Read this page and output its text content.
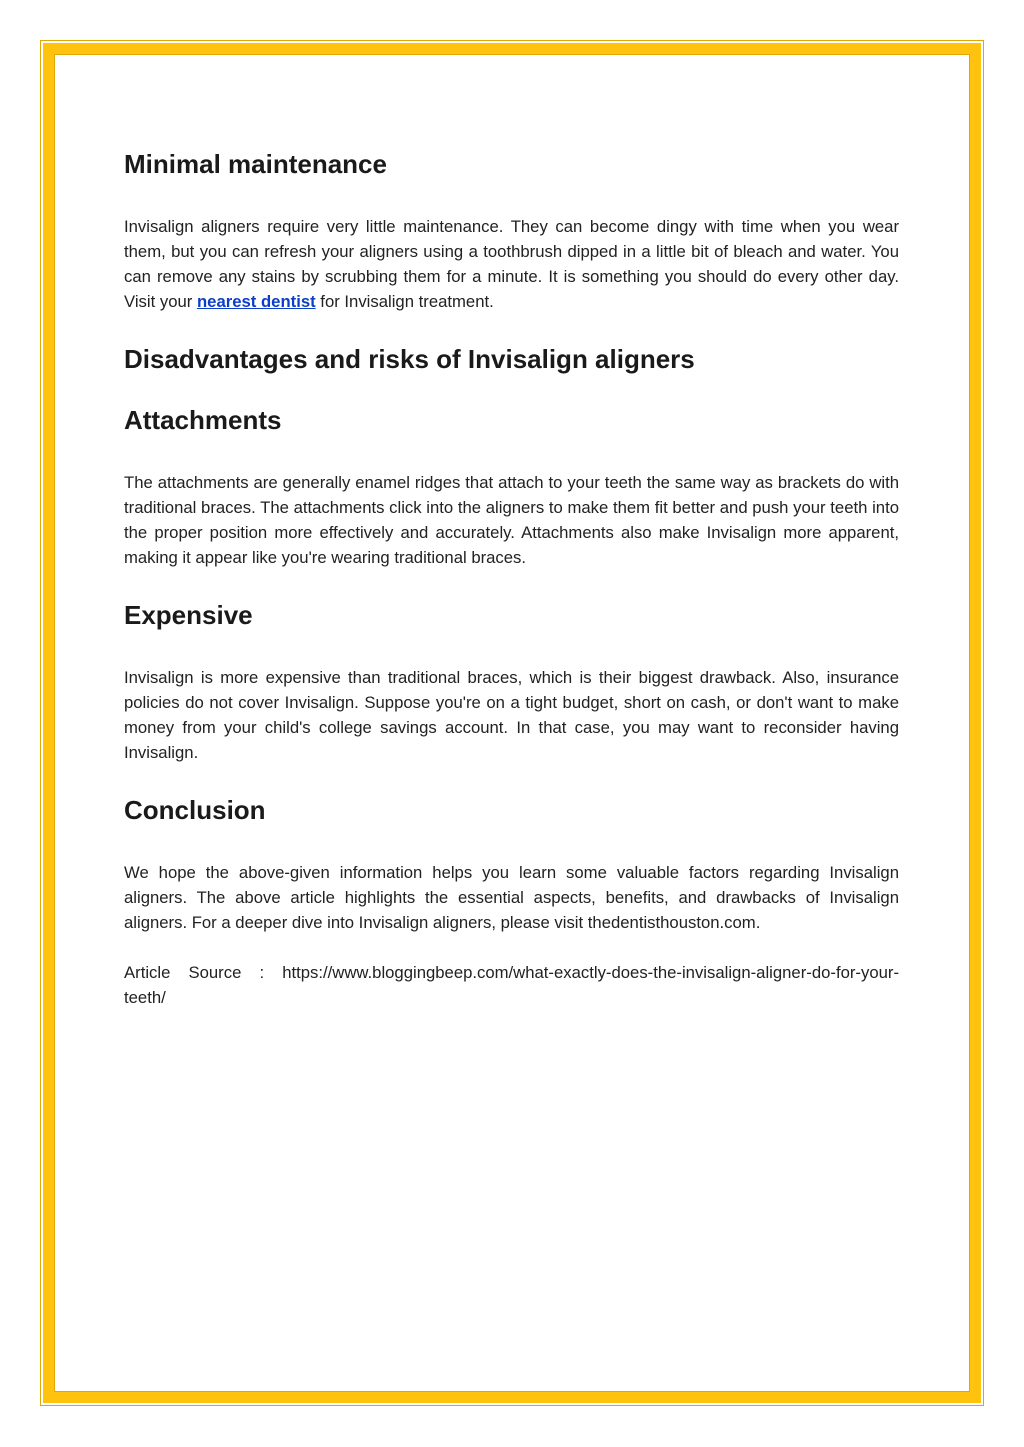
Minimal maintenance

Invisalign aligners require very little maintenance. They can become dingy with time when you wear them, but you can refresh your aligners using a toothbrush dipped in a little bit of bleach and water. You can remove any stains by scrubbing them for a minute. It is something you should do every other day. Visit your nearest dentist for Invisalign treatment.

Disadvantages and risks of Invisalign aligners
Attachments

The attachments are generally enamel ridges that attach to your teeth the same way as brackets do with traditional braces. The attachments click into the aligners to make them fit better and push your teeth into the proper position more effectively and accurately. Attachments also make Invisalign more apparent, making it appear like you're wearing traditional braces.

Expensive

Invisalign is more expensive than traditional braces, which is their biggest drawback. Also, insurance policies do not cover Invisalign. Suppose you're on a tight budget, short on cash, or don't want to make money from your child's college savings account. In that case, you may want to reconsider having Invisalign.

Conclusion

We hope the above-given information helps you learn some valuable factors regarding Invisalign aligners. The above article highlights the essential aspects, benefits, and drawbacks of Invisalign aligners. For a deeper dive into Invisalign aligners, please visit thedentisthouston.com.

Article Source : https://www.bloggingbeep.com/what-exactly-does-the-invisalign-aligner-do-for-your-teeth/
